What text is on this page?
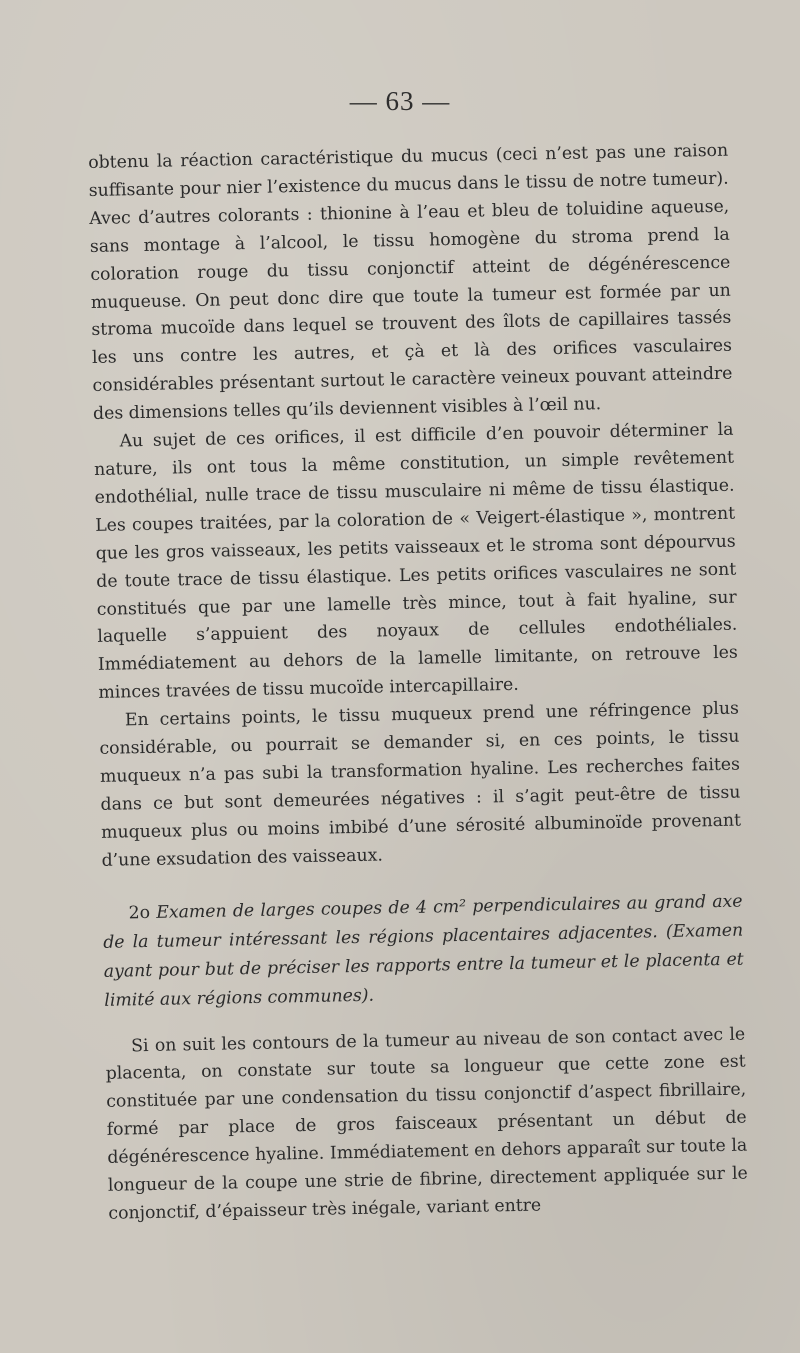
— 63 —

obtenu la réaction caractéristique du mucus (ceci n’est pas une raison suffisante pour nier l’existence du mucus dans le tissu de notre tumeur). Avec d’autres colorants : thionine à l’eau et bleu de toluidine aqueuse, sans montage à l’alcool, le tissu homogène du stroma prend la coloration rouge du tissu conjonctif atteint de dégénérescence muqueuse. On peut donc dire que toute la tumeur est formée par un stroma mucoïde dans lequel se trouvent des îlots de capillaires tassés les uns contre les autres, et çà et là des orifices vasculaires considérables présentant surtout le caractère veineux pouvant atteindre des dimensions telles qu’ils deviennent visibles à l’œil nu.

Au sujet de ces orifices, il est difficile d’en pouvoir déterminer la nature, ils ont tous la même constitution, un simple revêtement endothélial, nulle trace de tissu musculaire ni même de tissu élastique. Les coupes traitées, par la coloration de « Veigert-élastique », montrent que les gros vaisseaux, les petits vaisseaux et le stroma sont dépourvus de toute trace de tissu élastique. Les petits orifices vasculaires ne sont constitués que par une lamelle très mince, tout à fait hyaline, sur laquelle s’appuient des noyaux de cellules endothéliales. Immédiatement au dehors de la lamelle limitante, on retrouve les minces travées de tissu mucoïde intercapillaire.

En certains points, le tissu muqueux prend une réfringence plus considérable, ou pourrait se demander si, en ces points, le tissu muqueux n’a pas subi la transformation hyaline. Les recherches faites dans ce but sont demeurées négatives : il s’agit peut-être de tissu muqueux plus ou moins imbibé d’une sérosité albuminoïde provenant d’une exsudation des vaisseaux.

2o Examen de larges coupes de 4 cm² perpendiculaires au grand axe de la tumeur intéressant les régions placentaires adjacentes. (Examen ayant pour but de préciser les rapports entre la tumeur et le placenta et limité aux régions communes).

Si on suit les contours de la tumeur au niveau de son contact avec le placenta, on constate sur toute sa longueur que cette zone est constituée par une condensation du tissu conjonctif d’aspect fibrillaire, formé par place de gros faisceaux présentant un début de dégénérescence hyaline. Immédiatement en dehors apparaît sur toute la longueur de la coupe une strie de fibrine, directement appliquée sur le conjonctif, d’épaisseur très inégale, variant entre
